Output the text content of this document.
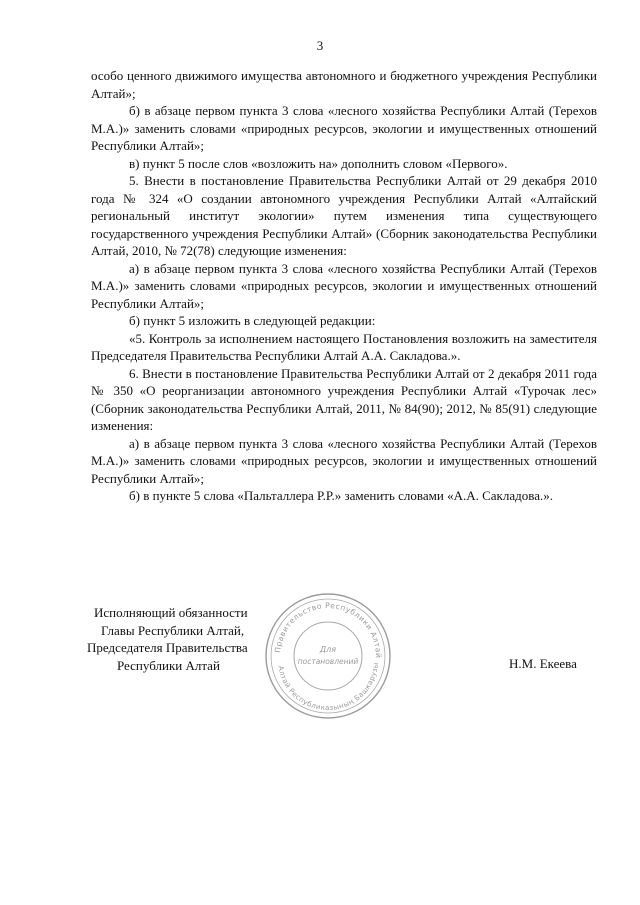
3

особо ценного движимого имущества автономного и бюджетного учреждения Республики Алтай»;

б) в абзаце первом пункта 3 слова «лесного хозяйства Республики Алтай (Терехов М.А.)» заменить словами «природных ресурсов, экологии и имущественных отношений Республики Алтай»;

в) пункт 5 после слов «возложить на» дополнить словом «Первого».

5. Внести в постановление Правительства Республики Алтай от 29 декабря 2010 года № 324 «О создании автономного учреждения Республики Алтай «Алтайский региональный институт экологии» путем изменения типа существующего государственного учреждения Республики Алтай» (Сборник законодательства Республики Алтай, 2010, № 72(78) следующие изменения:

а) в абзаце первом пункта 3 слова «лесного хозяйства Республики Алтай (Терехов М.А.)» заменить словами «природных ресурсов, экологии и имущественных отношений Республики Алтай»;

б) пункт 5 изложить в следующей редакции:

«5. Контроль за исполнением настоящего Постановления возложить на заместителя Председателя Правительства Республики Алтай А.А. Сакладова.».

6. Внести в постановление Правительства Республики Алтай от 2 декабря 2011 года № 350 «О реорганизации автономного учреждения Республики Алтай «Турочак лес» (Сборник законодательства Республики Алтай, 2011, № 84(90); 2012, № 85(91) следующие изменения:

а) в абзаце первом пункта 3 слова «лесного хозяйства Республики Алтай (Терехов М.А.)» заменить словами «природных ресурсов, экологии и имущественных отношений Республики Алтай»;

б) в пункте 5 слова «Пальталлера Р.Р.» заменить словами «А.А. Сакладова.».

Исполняющий обязанности
Главы Республики Алтай,
Председателя Правительства
Республики Алтай	Н.М. Екеева
Правительство Республики Алтай
Алтай Республиказының Башкарузы
Для
постановлений
